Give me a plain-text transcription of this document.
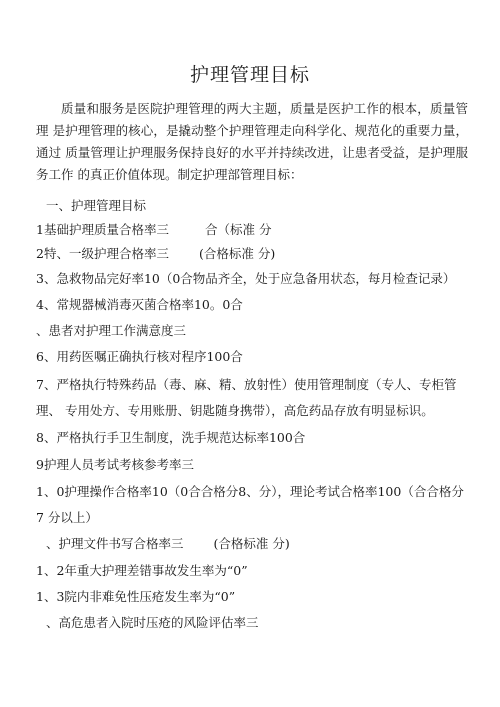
护理管理目标
质量和服务是医院护理管理的两大主题，质量是医护工作的根本，质量管理 是护理管理的核心，是撬动整个护理管理走向科学化、规范化的重要力量，通过 质量管理让护理服务保持良好的水平并持续改进，让患者受益，是护理服务工作 的真正价值体现。制定护理部管理目标：
一、护理管理目标
1基础护理质量合格率三	合（标准 分
2特、一级护理合格率三 (合格标准 分)
3、急救物品完好率10（0合物品齐全，处于应急备用状态，每月检查记录）
4、常规器械消毒灭菌合格率10。0合
、患者对护理工作满意度三
6、用药医嘱正确执行核对程序100合
7、严格执行特殊药品（毒、麻、精、放射性）使用管理制度（专人、专柜管理、 专用处方、专用账册、钥匙随身携带），高危药品存放有明显标识。
8、严格执行手卫生制度，洗手规范达标率100合
9护理人员考试考核参考率三
1、0护理操作合格率10（0合合格分8、分），理论考试合格率100（合合格分7 分以上）
、护理文件书写合格率三 (合格标准 分)
1、2年重大护理差错事故发生率为“0”
1、3院内非难免性压疮发生率为“0”
、高危患者入院时压疮的风险评估率三
